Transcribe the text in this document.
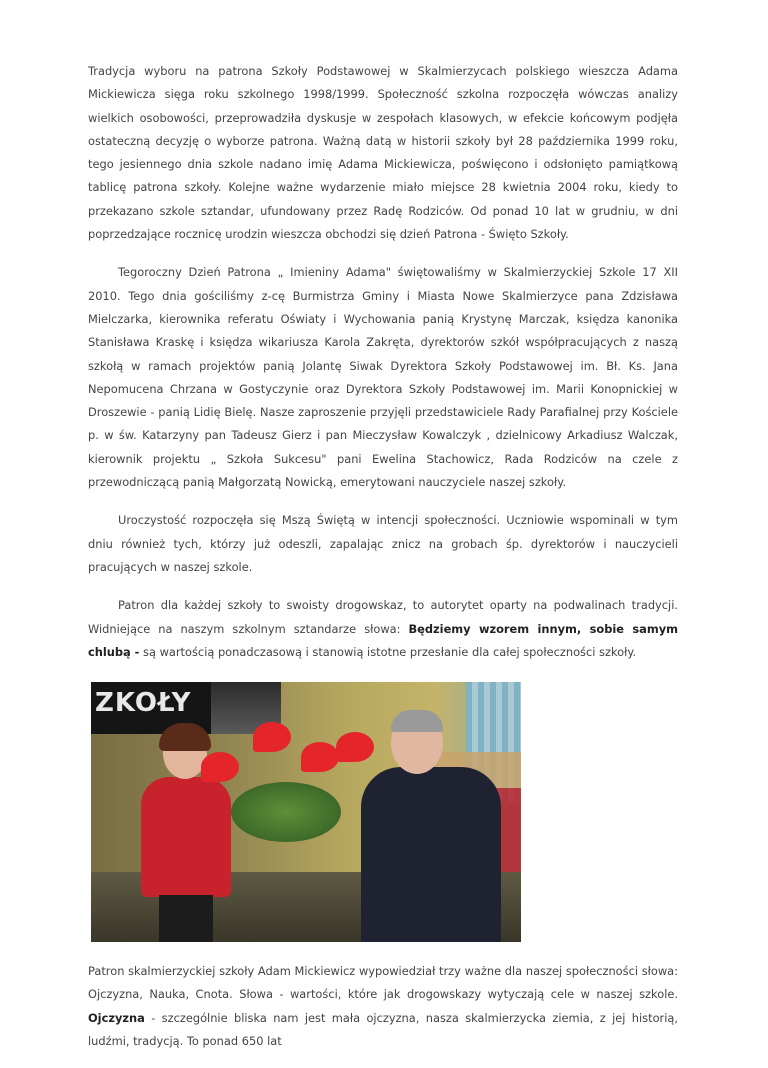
Tradycja wyboru na patrona Szkoły Podstawowej w Skalmierzycach polskiego wieszcza Adama Mickiewicza sięga roku szkolnego 1998/1999. Społeczność szkolna rozpoczęła wówczas analizy wielkich osobowości, przeprowadziła dyskusje w zespołach klasowych, w efekcie końcowym podjęła ostateczną decyzję o wyborze patrona. Ważną datą w historii szkoły był 28 października 1999 roku, tego jesiennego dnia szkole nadano imię Adama Mickiewicza, poświęcono i odsłonięto pamiątkową tablicę patrona szkoły. Kolejne ważne wydarzenie miało miejsce 28 kwietnia 2004 roku, kiedy to przekazano szkole sztandar, ufundowany przez Radę Rodziców. Od ponad 10 lat w grudniu, w dni poprzedzające rocznicę urodzin wieszcza obchodzi się dzień Patrona - Święto Szkoły.

Tegoroczny Dzień Patrona „ Imieniny Adama" świętowaliśmy w Skalmierzyckiej Szkole 17 XII 2010. Tego dnia gościliśmy z-cę Burmistrza Gminy i Miasta Nowe Skalmierzyce pana Zdzisława Mielczarka, kierownika referatu Oświaty i Wychowania panią Krystynę Marczak, księdza kanonika Stanisława Kraskę i księdza wikariusza Karola Zakręta, dyrektorów szkół współpracujących z naszą szkołą w ramach projektów panią Jolantę Siwak Dyrektora Szkoły Podstawowej im. Bł. Ks. Jana Nepomucena Chrzana w Gostyczynie oraz Dyrektora Szkoły Podstawowej im. Marii Konopnickiej w Droszewie - panią Lidię Bielę. Nasze zaproszenie przyjęli przedstawiciele Rady Parafialnej przy Kościele p. w św. Katarzyny pan Tadeusz Gierz i pan Mieczysław Kowalczyk , dzielnicowy Arkadiusz Walczak, kierownik projektu „ Szkoła Sukcesu" pani Ewelina Stachowicz, Rada Rodziców na czele z przewodniczącą panią Małgorzatą Nowicką, emerytowani nauczyciele naszej szkoły.

Uroczystość rozpoczęła się Mszą Świętą w intencji społeczności. Uczniowie wspominali w tym dniu również tych, którzy już odeszli, zapalając znicz na grobach śp. dyrektorów i nauczycieli pracujących w naszej szkole.

Patron dla każdej szkoły to swoisty drogowskaz, to autorytet oparty na podwalinach tradycji. Widniejące na naszym szkolnym sztandarze słowa: Będziemy wzorem innym, sobie samym chlubą - są wartością ponadczasową i stanowią istotne przesłanie dla całej społeczności szkoły.

ZKOŁY

Patron skalmierzyckiej szkoły Adam Mickiewicz wypowiedział trzy ważne dla naszej społeczności słowa: Ojczyzna, Nauka, Cnota. Słowa - wartości, które jak drogowskazy wytyczają cele w naszej szkole. Ojczyzna - szczególnie bliska nam jest mała ojczyzna, nasza skalmierzycka ziemia, z jej historią, ludźmi, tradycją. To ponad 650 lat
